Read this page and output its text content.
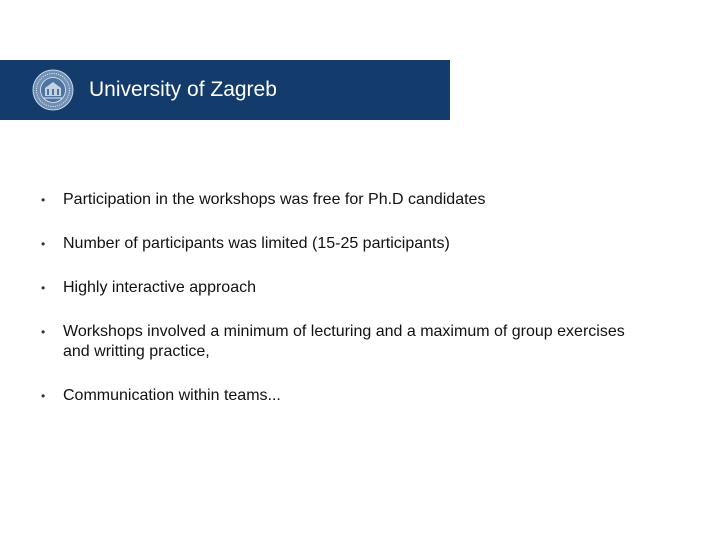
University of Zagreb
• Participation in the workshops was free for Ph.D candidates
• Number of participants was limited (15-25 participants)
• Highly interactive approach
• Workshops involved a minimum of lecturing and a maximum of group exercises and writting practice,
• Communication within teams...
